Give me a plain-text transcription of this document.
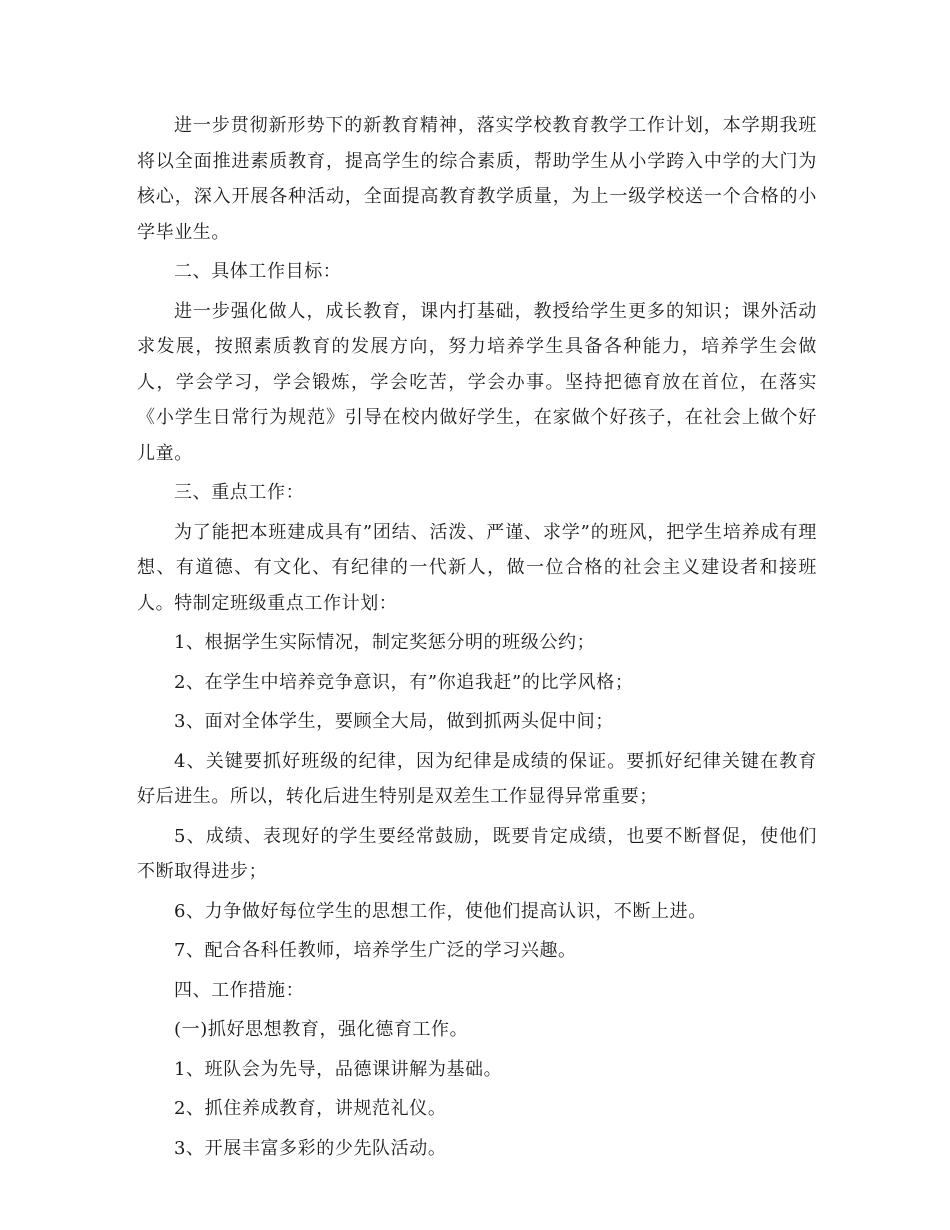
进一步贯彻新形势下的新教育精神，落实学校教育教学工作计划，本学期我班将以全面推进素质教育，提高学生的综合素质，帮助学生从小学跨入中学的大门为核心，深入开展各种活动，全面提高教育教学质量，为上一级学校送一个合格的小学毕业生。

二、具体工作目标：

进一步强化做人，成长教育，课内打基础，教授给学生更多的知识；课外活动求发展，按照素质教育的发展方向，努力培养学生具备各种能力，培养学生会做人，学会学习，学会锻炼，学会吃苦，学会办事。坚持把德育放在首位，在落实《小学生日常行为规范》引导在校内做好学生，在家做个好孩子，在社会上做个好儿童。

三、重点工作：

为了能把本班建成具有”团结、活泼、严谨、求学”的班风，把学生培养成有理想、有道德、有文化、有纪律的一代新人，做一位合格的社会主义建设者和接班人。特制定班级重点工作计划：

1、根据学生实际情况，制定奖惩分明的班级公约；

2、在学生中培养竞争意识，有”你追我赶”的比学风格；

3、面对全体学生，要顾全大局，做到抓两头促中间；

4、关键要抓好班级的纪律，因为纪律是成绩的保证。要抓好纪律关键在教育好后进生。所以，转化后进生特别是双差生工作显得异常重要；

5、成绩、表现好的学生要经常鼓励，既要肯定成绩，也要不断督促，使他们不断取得进步；

6、力争做好每位学生的思想工作，使他们提高认识，不断上进。

7、配合各科任教师，培养学生广泛的学习兴趣。

四、工作措施：

(一)抓好思想教育，强化德育工作。

1、班队会为先导，品德课讲解为基础。

2、抓住养成教育，讲规范礼仪。

3、开展丰富多彩的少先队活动。
